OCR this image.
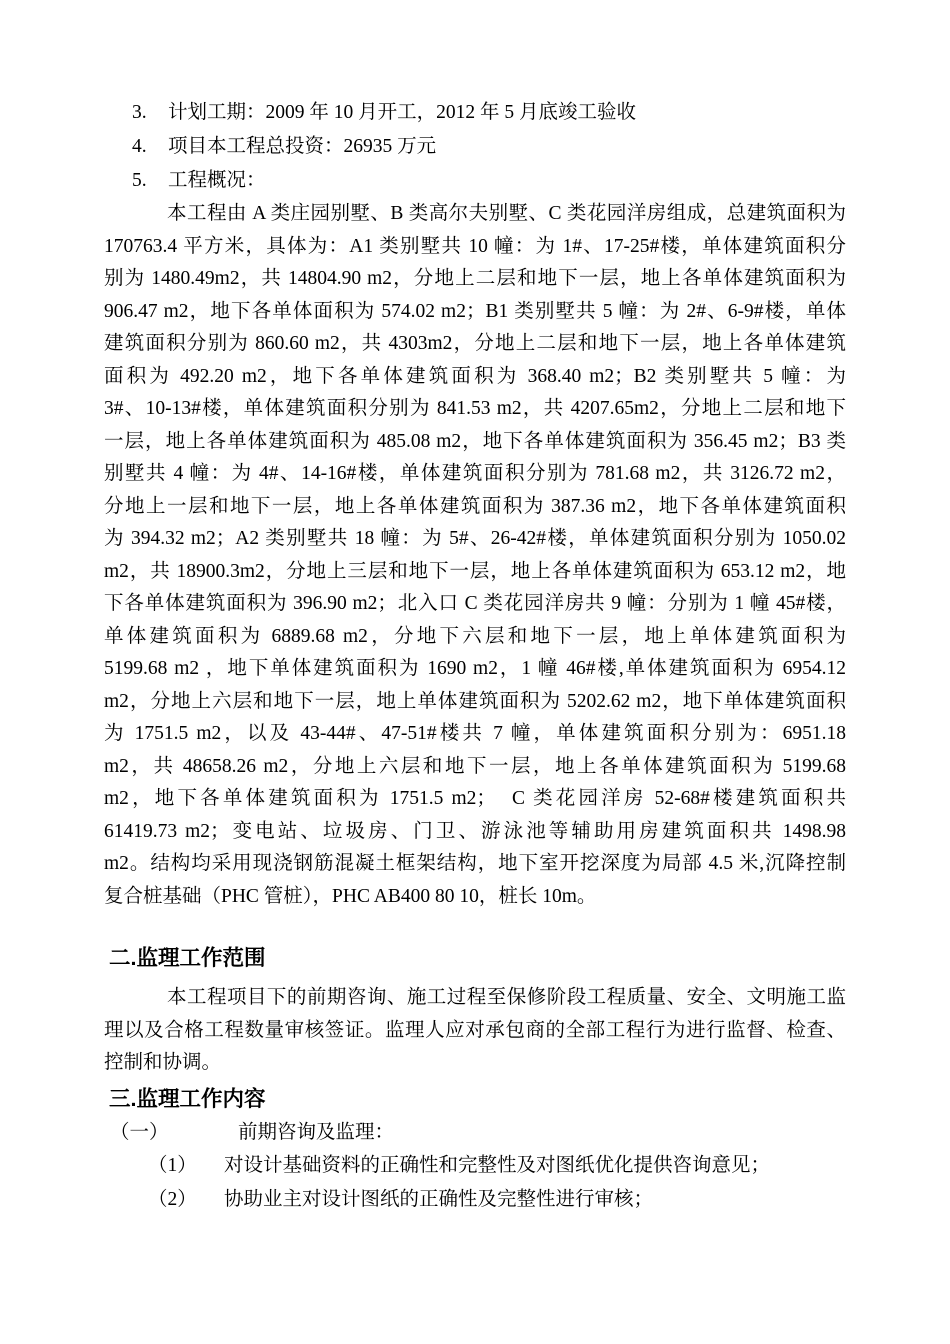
3. 计划工期：2009 年 10 月开工，2012 年 5 月底竣工验收
4. 项目本工程总投资：26935 万元
5. 工程概况：
本工程由 A 类庄园别墅、B 类高尔夫别墅、C 类花园洋房组成，总建筑面积为
170763.4 平方米，具体为：A1 类别墅共 10 幢：为 1#、17-25#楼，单体建筑面积分
别为 1480.49m2，共 14804.90 m2，分地上二层和地下一层，地上各单体建筑面积为
906.47 m2，地下各单体面积为 574.02 m2；B1 类别墅共 5 幢：为 2#、6-9#楼，单体
建筑面积分别为 860.60 m2，共 4303m2，分地上二层和地下一层，地上各单体建筑
面积为 492.20 m2，地下各单体建筑面积为 368.40 m2；B2 类别墅共 5 幢：为
3#、10-13#楼，单体建筑面积分别为 841.53 m2，共 4207.65m2，分地上二层和地下
一层，地上各单体建筑面积为 485.08 m2，地下各单体建筑面积为 356.45 m2；B3 类
别墅共 4 幢：为 4#、14-16#楼，单体建筑面积分别为 781.68 m2，共 3126.72 m2，
分地上一层和地下一层，地上各单体建筑面积为 387.36 m2，地下各单体建筑面积
为 394.32 m2；A2 类别墅共 18 幢：为 5#、26-42#楼，单体建筑面积分别为 1050.02
m2，共 18900.3m2，分地上三层和地下一层，地上各单体建筑面积为 653.12 m2，地
下各单体建筑面积为 396.90 m2；北入口 C 类花园洋房共 9 幢：分别为 1 幢 45#楼，
单体建筑面积为 6889.68 m2，分地下六层和地下一层，地上单体建筑面积为
5199.68 m2 ，地下单体建筑面积为 1690 m2，1 幢 46#楼,单体建筑面积为 6954.12
m2，分地上六层和地下一层，地上单体建筑面积为 5202.62 m2，地下单体建筑面积
为 1751.5 m2，以及 43-44#、47-51#楼共 7 幢，单体建筑面积分别为：6951.18
m2，共 48658.26 m2，分地上六层和地下一层，地上各单体建筑面积为 5199.68
m2，地下各单体建筑面积为 1751.5 m2；　C 类花园洋房 52-68#楼建筑面积共
61419.73 m2；变电站、垃圾房、门卫、游泳池等辅助用房建筑面积共 1498.98
m2。结构均采用现浇钢筋混凝土框架结构，地下室开挖深度为局部 4.5 米,沉降控制
复合桩基础（PHC 管桩），PHC AB400 80 10，桩长 10m。
二.监理工作范围
本工程项目下的前期咨询、施工过程至保修阶段工程质量、安全、文明施工监
理以及合格工程数量审核签证。监理人应对承包商的全部工程行为进行监督、检查、
控制和协调。
三.监理工作内容
（一）	前期咨询及监理：
（1） 对设计基础资料的正确性和完整性及对图纸优化提供咨询意见；
（2） 协助业主对设计图纸的正确性及完整性进行审核；
